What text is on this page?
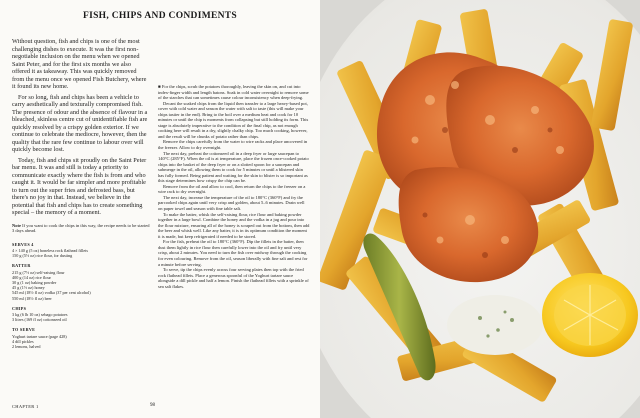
FISH, CHIPS AND CONDIMENTS

Without question, fish and chips is one of the most challenging dishes to execute. It was the first non-negotiable inclusion on the menu when we opened Saint Peter, and for the first six months we also offered it as takeaway. This was quickly removed from the menu once we opened Fish Butchery, where it found its new home.

For so long, fish and chips has been a vehicle to carry aesthetically and texturally compromised fish. The presence of odour and the absence of flavour in a bleached, skinless centre cut of unidentifiable fish are quickly resolved by a crispy golden exterior. If we continue to celebrate the mediocre, however, then the quality that the rare few continue to labour over will quickly become lost.

Today, fish and chips sit proudly on the Saint Peter bar menu. It was and still is today a priority to communicate exactly where the fish is from and who caught it. It would be far simpler and more profitable to turn out the super fries and defrosted bass, but there's no joy in that. Instead, we believe in the potential that fish and chips has to create something special – the memory of a moment.

Note If you want to cook the chips in this way, the recipe needs to be started 3 days ahead.
SERVES 4
4 × 140 g (5 oz) boneless rock flathead fillets
150 g (5½ oz) rice flour, for dusting
BATTER
215 g (7½ oz) self-raising flour
400 g (14 oz) rice flour
30 g (1 oz) baking powder
45 g (1½ oz) honey
545 ml (18½ fl oz) vodka (37 per cent alcohol)
550 ml (18½ fl oz) beer
CHIPS
3 kg (6 lb 10 oz) sebago potatoes
3 litres (169 fl oz) cottonseed oil
TO SERVE
Yoghurt tartare sauce (page 428)
4 dill pickles
2 lemons, halved

■ For the chips, scrub the potatoes thoroughly, leaving the skin on, and cut into index-finger width and length batons. Soak in cold water overnight to remove some of the starches that can sometimes cause colour inconsistency when deep-frying.

Decant the soaked chips from the liquid then transfer to a large heavy-based pot, cover with cold water and season the water with salt to taste (this will make your chips tastier in the end). Bring to the boil over a medium heat and cook for 10 minutes or until the chip is moments from collapsing but still holding its form. This stage is absolutely imperative to the condition of the final chip, as not enough cooking here will result in a dry, slightly chalky chip. Too much cooking, however, and the result will be chunks of potato rather than chips.

Remove the chips carefully from the water to wire racks and place uncovered in the freezer. Allow to dry overnight.

The next day, preheat the cottonseed oil in a deep fryer or large saucepan to 140°C (285°F). When the oil is at temperature, place the frozen once-cooked potato chips into the basket of the deep fryer or on a slotted spoon for a saucepan and submerge in the oil, allowing them to cook for 5 minutes or until a blistered skin has fully formed. Being patient and waiting for the skin to blister is so important as this stage determines how crispy the chip can be.

Remove from the oil and allow to cool, then return the chips to the freezer on a wire rack to dry overnight.

The next day, increase the temperature of the oil to 180°C (360°F) and fry the parcooked chips again until very crisp and golden, about 5–6 minutes. Drain well on paper towel and season with fine table salt.

To make the batter, whisk the self-raising flour, rice flour and baking powder together in a large bowl. Combine the honey and the vodka in a jug and pour into the flour mixture, ensuring all of the honey is scraped out from the bottom, then add the beer and whisk well. Like any batter, it is in its optimum condition the moment it is made, but keep refrigerated if needed to be stored.

For the fish, preheat the oil to 180°C (360°F). Dip the fillets in the batter, then dust them lightly in rice flour then carefully lower into the oil and fry until very crisp, about 2 minutes. You need to turn the fish over midway through the cooking for even colouring. Remove from the oil, season liberally with fine salt and rest for a minute before serving.

To serve, tip the chips evenly across four serving plates then top with the fried rock flathead fillets. Place a generous spoonful of the Yoghurt tartare sauce alongside a dill pickle and half a lemon. Finish the flathead fillets with a sprinkle of sea salt flakes.

CHAPTER 1	98
